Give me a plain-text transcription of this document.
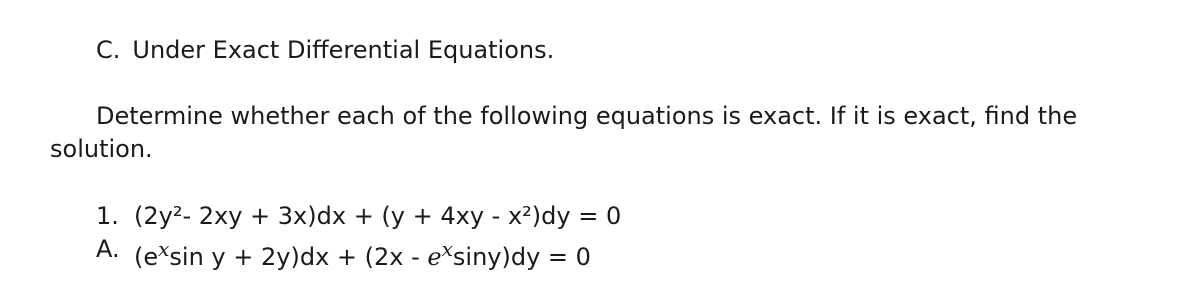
C. Under Exact Differential Equations.
Determine whether each of the following equations is exact. If it is exact, find the
solution.
1. (2y²- 2xy + 3x)dx + (y + 4xy - x²)dy = 0
A. ($e^x\sin$ $y + 2y)dx + (2x - e^x\sin y)dy = 0$
